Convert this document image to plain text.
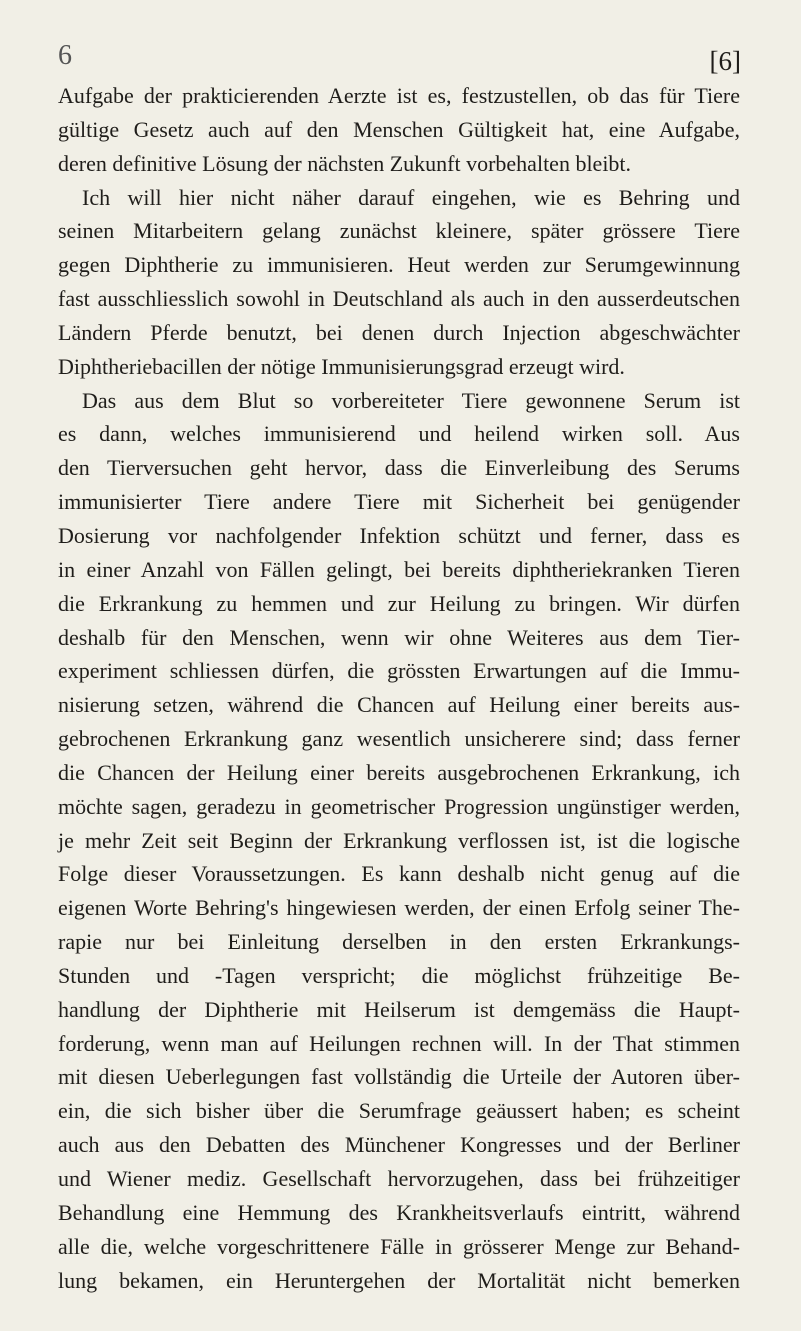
6	[6]
Aufgabe der prakticierenden Aerzte ist es, festzustellen, ob das für Tiere
gültige Gesetz auch auf den Menschen Gültigkeit hat, eine Aufgabe,
deren definitive Lösung der nächsten Zukunft vorbehalten bleibt.
Ich will hier nicht näher darauf eingehen, wie es Behring und
seinen Mitarbeitern gelang zunächst kleinere, später grössere Tiere
gegen Diphtherie zu immunisieren. Heut werden zur Serumgewinnung
fast ausschliesslich sowohl in Deutschland als auch in den ausserdeutschen
Ländern Pferde benutzt, bei denen durch Injection abgeschwächter
Diphtheriebacillen der nötige Immunisierungsgrad erzeugt wird.
Das aus dem Blut so vorbereiteter Tiere gewonnene Serum ist
es dann, welches immunisierend und heilend wirken soll. Aus
den Tierversuchen geht hervor, dass die Einverleibung des Serums
immunisierter Tiere andere Tiere mit Sicherheit bei genügender
Dosierung vor nachfolgender Infektion schützt und ferner, dass es
in einer Anzahl von Fällen gelingt, bei bereits diphtheriekranken Tieren
die Erkrankung zu hemmen und zur Heilung zu bringen. Wir dürfen
deshalb für den Menschen, wenn wir ohne Weiteres aus dem Tier-
experiment schliessen dürfen, die grössten Erwartungen auf die Immu-
nisierung setzen, während die Chancen auf Heilung einer bereits aus-
gebrochenen Erkrankung ganz wesentlich unsicherere sind; dass ferner
die Chancen der Heilung einer bereits ausgebrochenen Erkrankung, ich
möchte sagen, geradezu in geometrischer Progression ungünstiger werden,
je mehr Zeit seit Beginn der Erkrankung verflossen ist, ist die logische
Folge dieser Voraussetzungen. Es kann deshalb nicht genug auf die
eigenen Worte Behring's hingewiesen werden, der einen Erfolg seiner The-
rapie nur bei Einleitung derselben in den ersten Erkrankungs-
Stunden und -Tagen verspricht; die möglichst frühzeitige Be-
handlung der Diphtherie mit Heilserum ist demgemäss die Haupt-
forderung, wenn man auf Heilungen rechnen will. In der That stimmen
mit diesen Ueberlegungen fast vollständig die Urteile der Autoren über-
ein, die sich bisher über die Serumfrage geäussert haben; es scheint
auch aus den Debatten des Münchener Kongresses und der Berliner
und Wiener mediz. Gesellschaft hervorzugehen, dass bei frühzeitiger
Behandlung eine Hemmung des Krankheitsverlaufs eintritt, während
alle die, welche vorgeschrittenere Fälle in grösserer Menge zur Behand-
lung bekamen, ein Heruntergehen der Mortalität nicht bemerken
